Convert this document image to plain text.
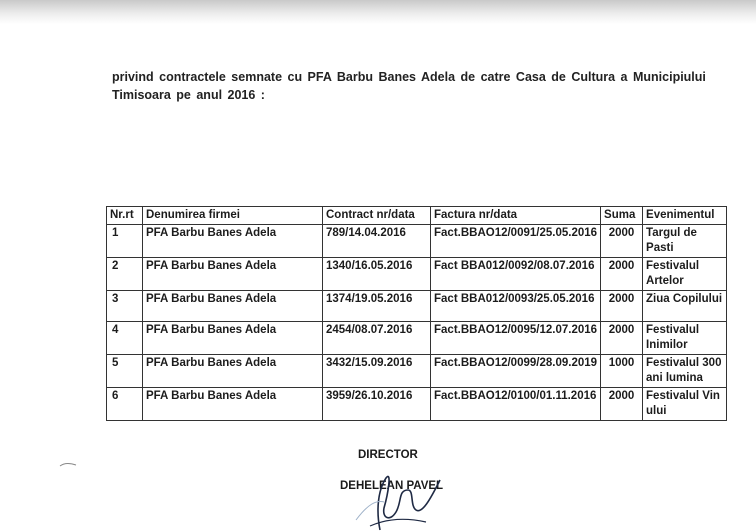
privind contractele semnate cu PFA Barbu Banes Adela de catre Casa de Cultura a Municipiului
Timisoara pe anul 2016 :
Nr.rt	Denumirea firmei	Contract nr/data	Factura nr/data	Suma	Evenimentul
1	PFA Barbu Banes Adela	789/14.04.2016	Fact.BBAO12/0091/25.05.2016	2000	Targul de Pasti
2	PFA Barbu Banes Adela	1340/16.05.2016	Fact BBA012/0092/08.07.2016	2000	Festivalul Artelor
3	PFA Barbu Banes Adela	1374/19.05.2016	Fact BBA012/0093/25.05.2016	2000	Ziua Copilului
4	PFA Barbu Banes Adela	2454/08.07.2016	Fact.BBAO12/0095/12.07.2016	2000	Festivalul Inimilor
5	PFA Barbu Banes Adela	3432/15.09.2016	Fact.BBAO12/0099/28.09.2019	1000	Festivalul 300 ani lumina
6	PFA Barbu Banes Adela	3959/26.10.2016	Fact.BBAO12/0100/01.11.2016	2000	Festivalul Vin ului
DIRECTOR
DEHELEAN PAVEL
